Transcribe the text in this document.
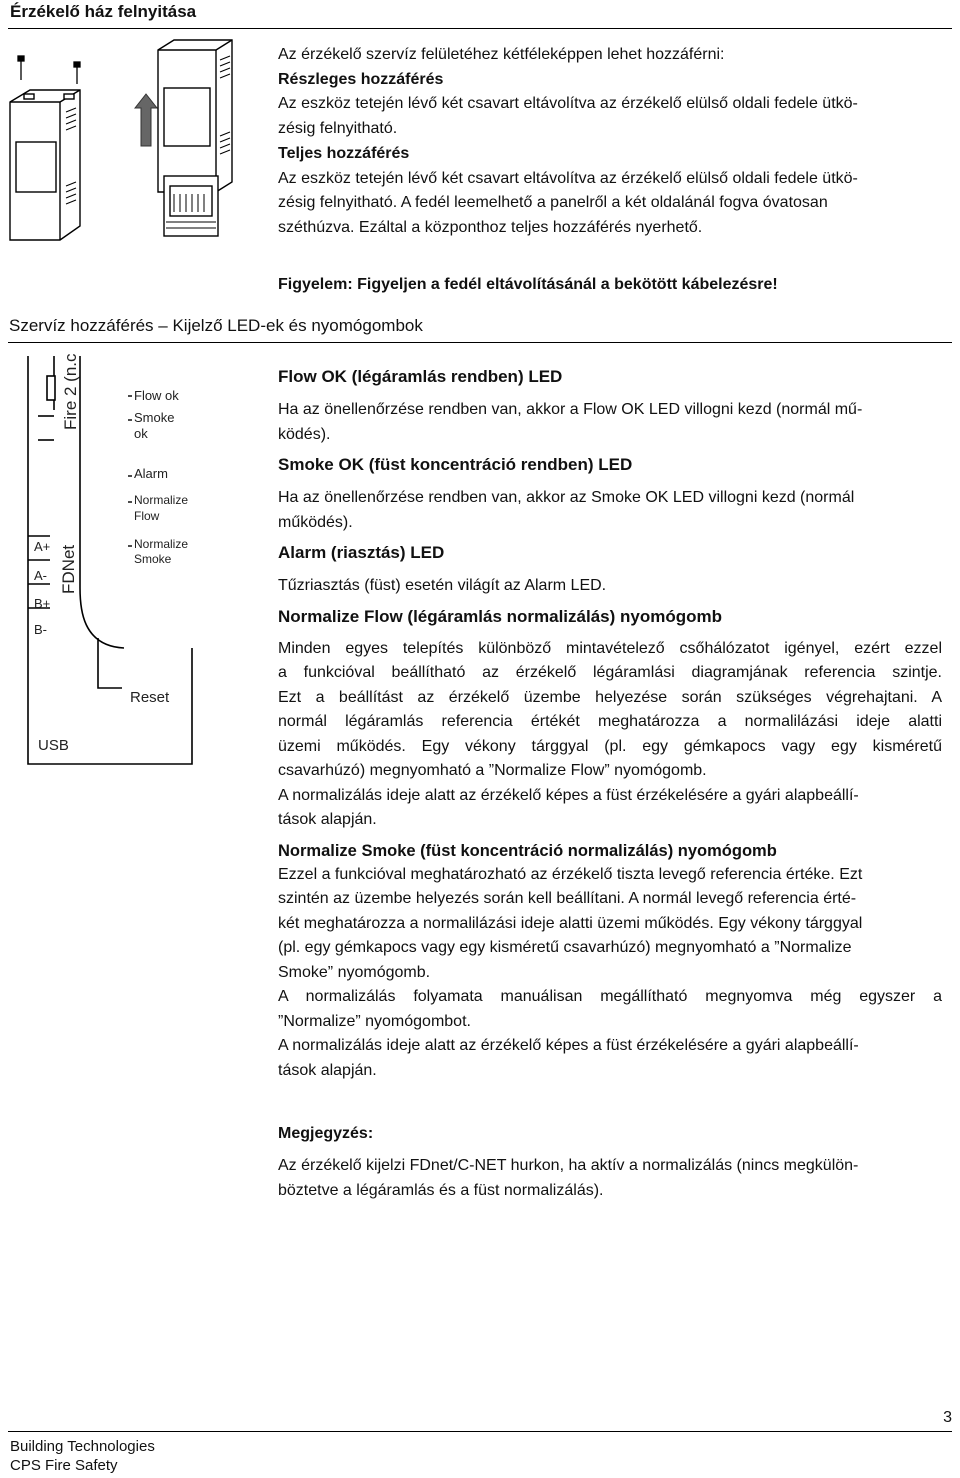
Érzékelő ház felnyitása
Az érzékelő szervíz felületéhez kétféleképpen lehet hozzáférni:
Részleges hozzáférés
Az eszköz tetején lévő két csavart eltávolítva az érzékelő elülső oldali fedele ütkö-
zésig felnyitható.
Teljes hozzáférés
Az eszköz tetején lévő két csavart eltávolítva az érzékelő elülső oldali fedele ütkö-
zésig felnyitható. A fedél leemelhető a panelről a két oldalánál fogva óvatosan
széthúzva. Ezáltal a központhoz teljes hozzáférés nyerhető.
Figyelem: Figyeljen a fedél eltávolításánál a bekötött kábelezésre!
Szervíz hozzáférés – Kijelző LED-ek és nyomógombok
Fire 2 (n.c
FDNet
Flow ok
Smoke
ok
Alarm
Normalize
Flow
Normalize
Smoke
A+
A-
B+
B-
Reset
USB
Flow OK (légáramlás rendben) LED
Ha az önellenőrzése rendben van, akkor a Flow OK LED villogni kezd (normál mű-
ködés).
Smoke OK (füst koncentráció rendben) LED
Ha az önellenőrzése rendben van, akkor az Smoke OK LED villogni kezd (normál
működés).
Alarm (riasztás) LED
Tűzriasztás (füst) esetén világít az Alarm LED.
Normalize Flow (légáramlás normalizálás) nyomógomb
Minden egyes telepítés különböző mintavételező csőhálózatot igényel, ezért ezzel
a funkcióval beállítható az érzékelő légáramlási diagramjának referencia szintje.
Ezt a beállítást az érzékelő üzembe helyezése során szükséges végrehajtani. A
normál légáramlás referencia értékét meghatározza a normalilázási ideje alatti
üzemi működés. Egy vékony tárggyal (pl. egy gémkapocs vagy egy kisméretű
csavarhúzó) megnyomható a ”Normalize Flow” nyomógomb.
A normalizálás ideje alatt az érzékelő képes a füst érzékelésére a gyári alapbeállí-
tások alapján.
Normalize Smoke (füst koncentráció normalizálás) nyomógomb
Ezzel a funkcióval meghatározható az érzékelő tiszta levegő referencia értéke. Ezt
szintén az üzembe helyezés során kell beállítani. A normál levegő referencia érté-
két meghatározza a normalilázási ideje alatti üzemi működés. Egy vékony tárggyal
(pl. egy gémkapocs vagy egy kisméretű csavarhúzó) megnyomható a ”Normalize
Smoke” nyomógomb.
A normalizálás folyamata manuálisan megállítható megnyomva még egyszer a
”Normalize” nyomógombot.
A normalizálás ideje alatt az érzékelő képes a füst érzékelésére a gyári alapbeállí-
tások alapján.
Megjegyzés:
Az érzékelő kijelzi FDnet/C-NET hurkon, ha aktív a normalizálás (nincs megkülön-
böztetve a légáramlás és a füst normalizálás).
3
Building Technologies
CPS Fire Safety
